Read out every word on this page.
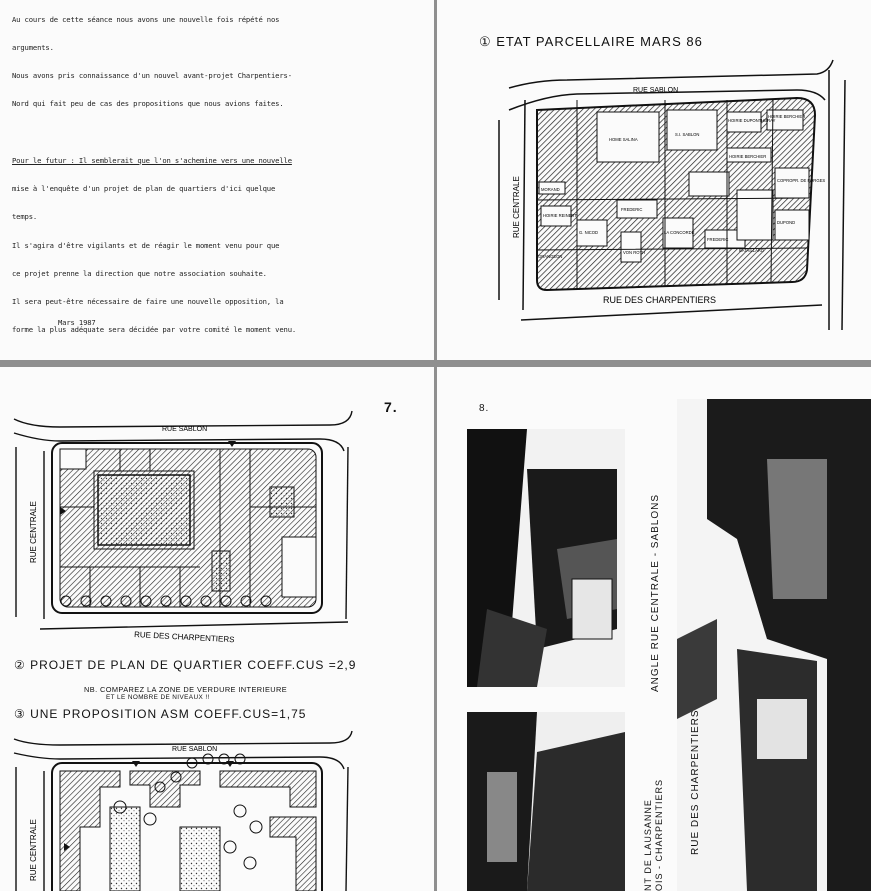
Au cours de cette séance nous avons une nouvelle fois répété nos

arguments.

Nous avons pris connaissance d'un nouvel avant-projet Charpentiers-

Nord qui fait peu de cas des propositions que nous avions faites.

Pour le futur : Il semblerait que l'on s'achemine vers une nouvelle

mise à l'enquête d'un projet de plan de quartiers d'ici quelque

temps.

Il s'agira d'être vigilants et de réagir le moment venu pour que

ce projet prenne la direction que notre association souhaite.

Il sera peut-être nécessaire de faire une nouvelle opposition, la

forme la plus adéquate sera décidée par votre comité le moment venu.

Mars 1987
① ETAT PARCELLAIRE MARS 86
RUE SABLON
RUE CENTRALE
RUE DES CHARPENTIERS
HOME SALINA
S.I. SABLON
HOIRIE DUPONTHERAY
HOIRIE BERCHIER
HOIRIE BERCHIER
COPROPR. DE FORGES
MORAND
HOIRIE REINERT
G. NICOD
FREDERIC
FREDERIC
VON ROTH
LA CONCORDE
BATAILLARD
DUPOND
GRANGEON
7.
RUE SABLON
RUE CENTRALE
RUE DES CHARPENTIERS
RUE SABLON
RUE CENTRALE
② PROJET DE PLAN DE QUARTIER COEFF.CUS =2,9
NB. COMPAREZ LA ZONE DE VERDURE INTERIEURE
ET LE NOMBRE DE NIVEAUX !!
③ UNE PROPOSITION ASM COEFF.CUS=1,75
8.
ANGLE RUE CENTRALE - SABLONS
RUE DES CHARPENTIERS
NT DE LAUSANNE OIS - CHARPENTIERS
